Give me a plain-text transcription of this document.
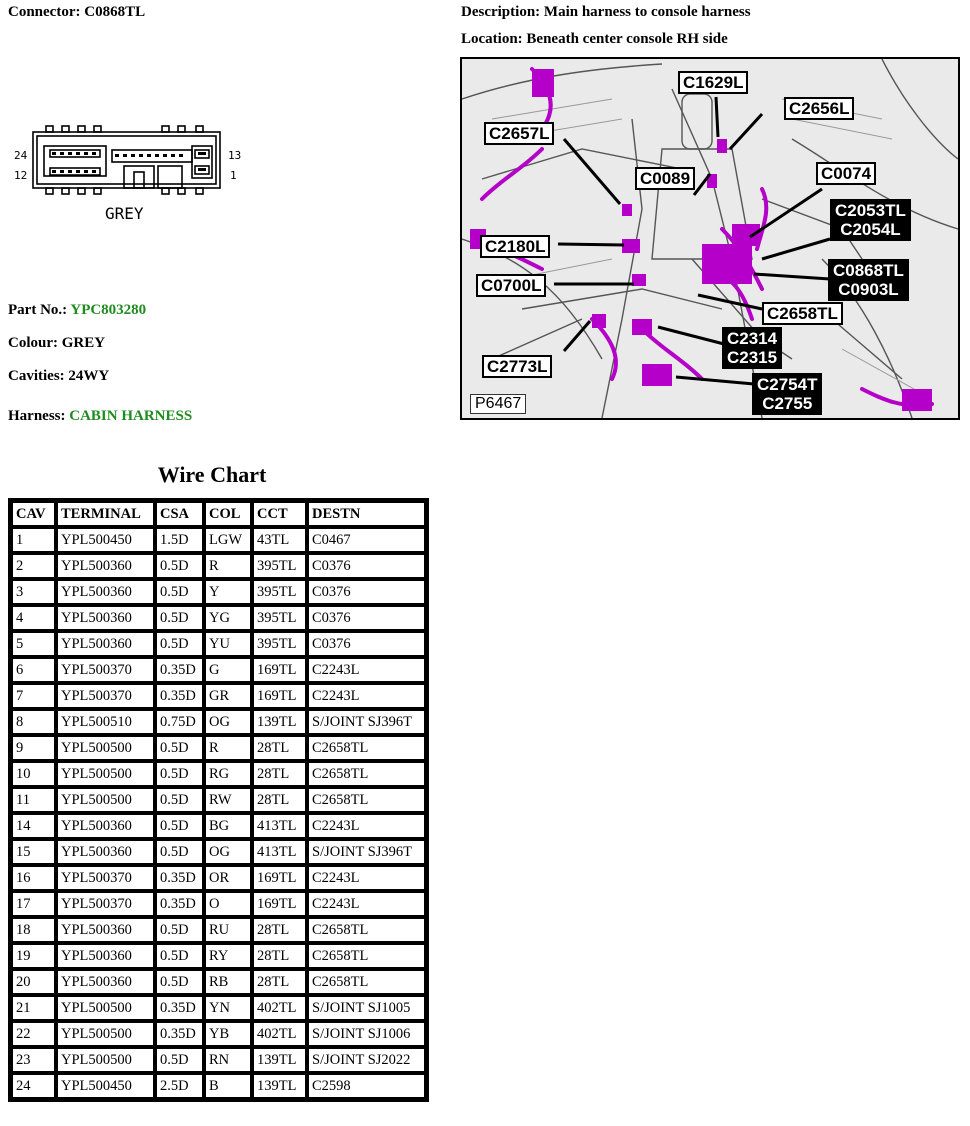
Connector: C0868TL	Description: Main harness to console harness
Location: Beneath center console RH side
24
12
13
1
GREY
Part No.: YPC803280
Colour: GREY
Cavities: 24WY
Harness: CABIN HARNESS
C1629L
C2656L
C2657L
C0089	C0074
C2053TL
C2054L
C2180L
C0868TL
C0903L
C0700L
C2658TL
C2314
C2315
C2773L
C2754T
C2755
P6467
Wire Chart
CAV	TERMINAL	CSA	COL	CCT	DESTN
1	YPL500450	1.5D	LGW	43TL	C0467
2	YPL500360	0.5D	R	395TL	C0376
3	YPL500360	0.5D	Y	395TL	C0376
4	YPL500360	0.5D	YG	395TL	C0376
5	YPL500360	0.5D	YU	395TL	C0376
6	YPL500370	0.35D	G	169TL	C2243L
7	YPL500370	0.35D	GR	169TL	C2243L
8	YPL500510	0.75D	OG	139TL	S/JOINT SJ396T
9	YPL500500	0.5D	R	28TL	C2658TL
10	YPL500500	0.5D	RG	28TL	C2658TL
11	YPL500500	0.5D	RW	28TL	C2658TL
14	YPL500360	0.5D	BG	413TL	C2243L
15	YPL500360	0.5D	OG	413TL	S/JOINT SJ396T
16	YPL500370	0.35D	OR	169TL	C2243L
17	YPL500370	0.35D	O	169TL	C2243L
18	YPL500360	0.5D	RU	28TL	C2658TL
19	YPL500360	0.5D	RY	28TL	C2658TL
20	YPL500360	0.5D	RB	28TL	C2658TL
21	YPL500500	0.35D	YN	402TL	S/JOINT SJ1005
22	YPL500500	0.35D	YB	402TL	S/JOINT SJ1006
23	YPL500500	0.5D	RN	139TL	S/JOINT SJ2022
24	YPL500450	2.5D	B	139TL	C2598
